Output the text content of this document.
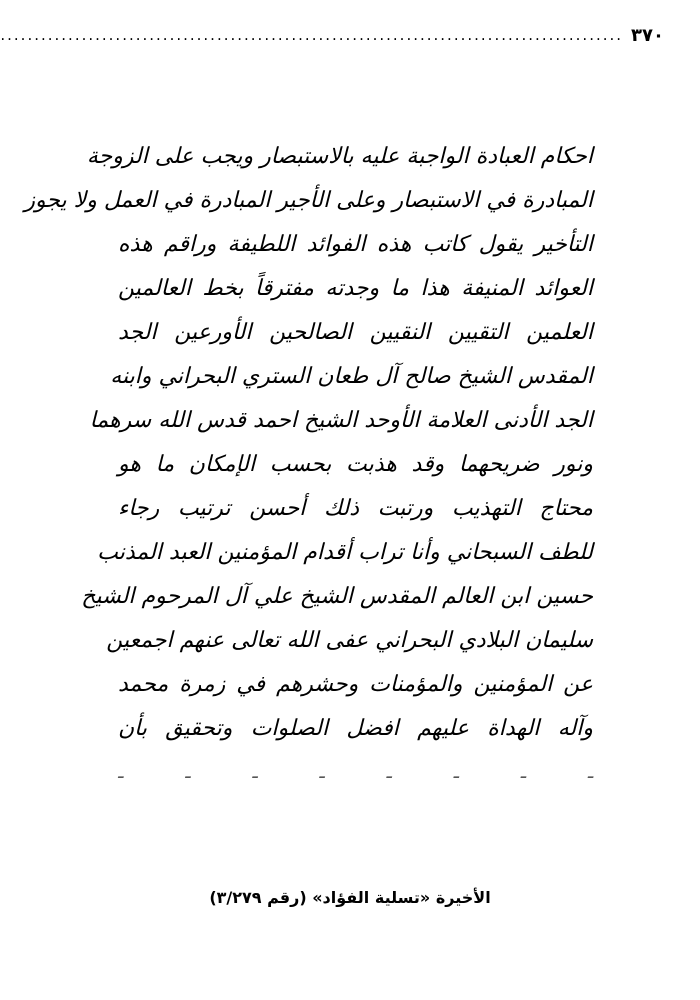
٣٧٠
.....
احكام العبادة الواجبة عليه بالاستبصار ويجب على الزوجة
المبادرة في الاستبصار وعلى الأجير المبادرة في العمل ولا يجوز
التأخير يقول كاتب هذه الفوائد اللطيفة وراقم هذه
العوائد المنيفة هذا ما وجدته مفترقاً بخط العالمين
العلمين التقيين النقيين الصالحين الأورعين الجد
المقدس الشيخ صالح آل طعان الستري البحراني وابنه
الجد الأدنى العلامة الأوحد الشيخ احمد قدس الله سرهما
ونور ضريحهما وقد هذبت بحسب الإمكان ما هو
محتاج التهذيب ورتبت ذلك أحسن ترتيب رجاء
للطف السبحاني وأنا تراب أقدام المؤمنين العبد المذنب
حسين ابن العالم المقدس الشيخ علي آل المرحوم الشيخ
سليمان البلادي البحراني عفى الله تعالى عنهم اجمعين
عن المؤمنين والمؤمنات وحشرهم في زمرة محمد
وآله الهداة عليهم افضل الصلوات وتحقيق بأن
ـ ـ ـ ـ ـ ـ ـ ـ
الأخيرة «تسلية الفؤاد» (رقم ٣/٢٧٩)
